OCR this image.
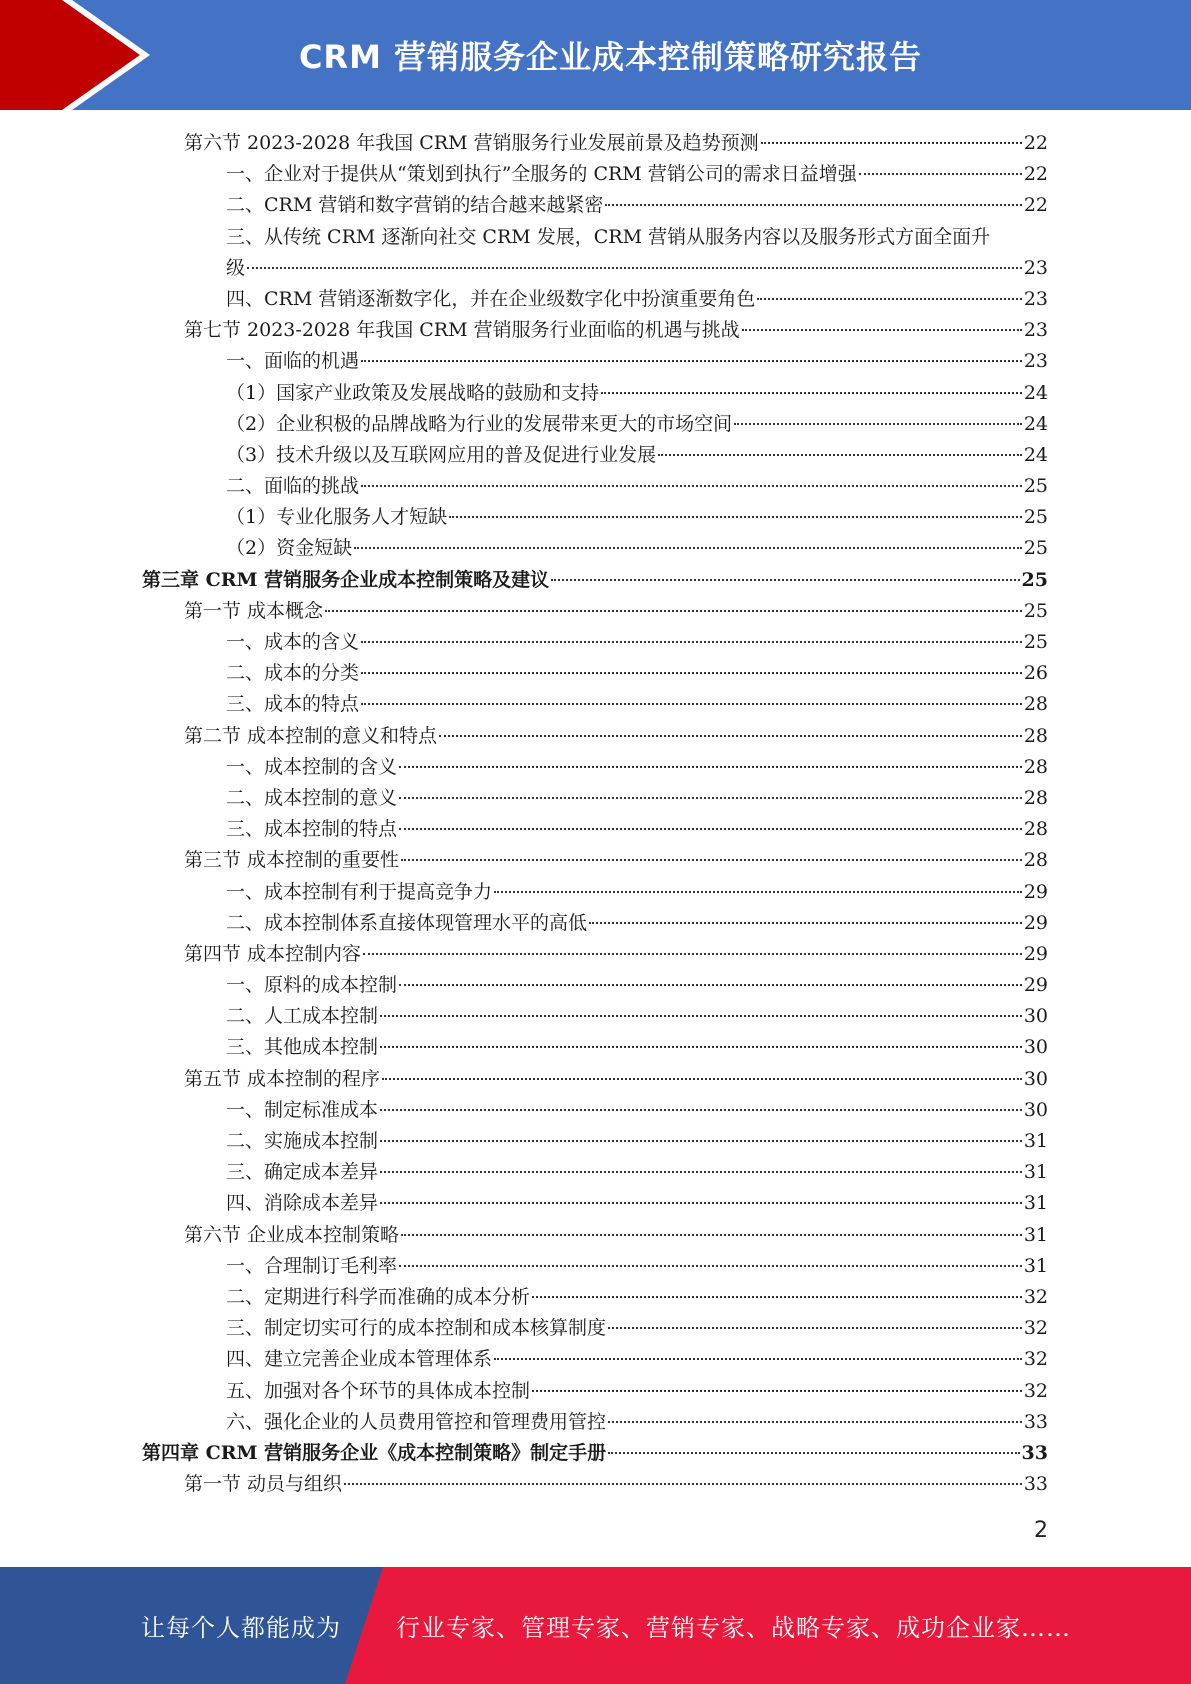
CRM 营销服务企业成本控制策略研究报告
第六节 2023-2028 年我国 CRM 营销服务行业发展前景及趋势预测	22
一、企业对于提供从“策划到执行”全服务的 CRM 营销公司的需求日益增强	22
二、CRM 营销和数字营销的结合越来越紧密	22
三、从传统 CRM 逐渐向社交 CRM 发展，CRM 营销从服务内容以及服务形式方面全面升
级	23
四、CRM 营销逐渐数字化，并在企业级数字化中扮演重要角色	23
第七节 2023-2028 年我国 CRM 营销服务行业面临的机遇与挑战	23
一、面临的机遇	23
（1）国家产业政策及发展战略的鼓励和支持	24
（2）企业积极的品牌战略为行业的发展带来更大的市场空间	24
（3）技术升级以及互联网应用的普及促进行业发展	24
二、面临的挑战	25
（1）专业化服务人才短缺	25
（2）资金短缺	25
第三章 CRM 营销服务企业成本控制策略及建议	25
第一节 成本概念	25
一、成本的含义	25
二、成本的分类	26
三、成本的特点	28
第二节 成本控制的意义和特点	28
一、成本控制的含义	28
二、成本控制的意义	28
三、成本控制的特点	28
第三节 成本控制的重要性	28
一、成本控制有利于提高竞争力	29
二、成本控制体系直接体现管理水平的高低	29
第四节 成本控制内容	29
一、原料的成本控制	29
二、人工成本控制	30
三、其他成本控制	30
第五节 成本控制的程序	30
一、制定标准成本	30
二、实施成本控制	31
三、确定成本差异	31
四、消除成本差异	31
第六节 企业成本控制策略	31
一、合理制订毛利率	31
二、定期进行科学而准确的成本分析	32
三、制定切实可行的成本控制和成本核算制度	32
四、建立完善企业成本管理体系	32
五、加强对各个环节的具体成本控制	32
六、强化企业的人员费用管控和管理费用管控	33
第四章 CRM 营销服务企业《成本控制策略》制定手册	33
第一节 动员与组织	33
2
让每个人都能成为 行业专家、管理专家、营销专家、战略专家、成功企业家……
